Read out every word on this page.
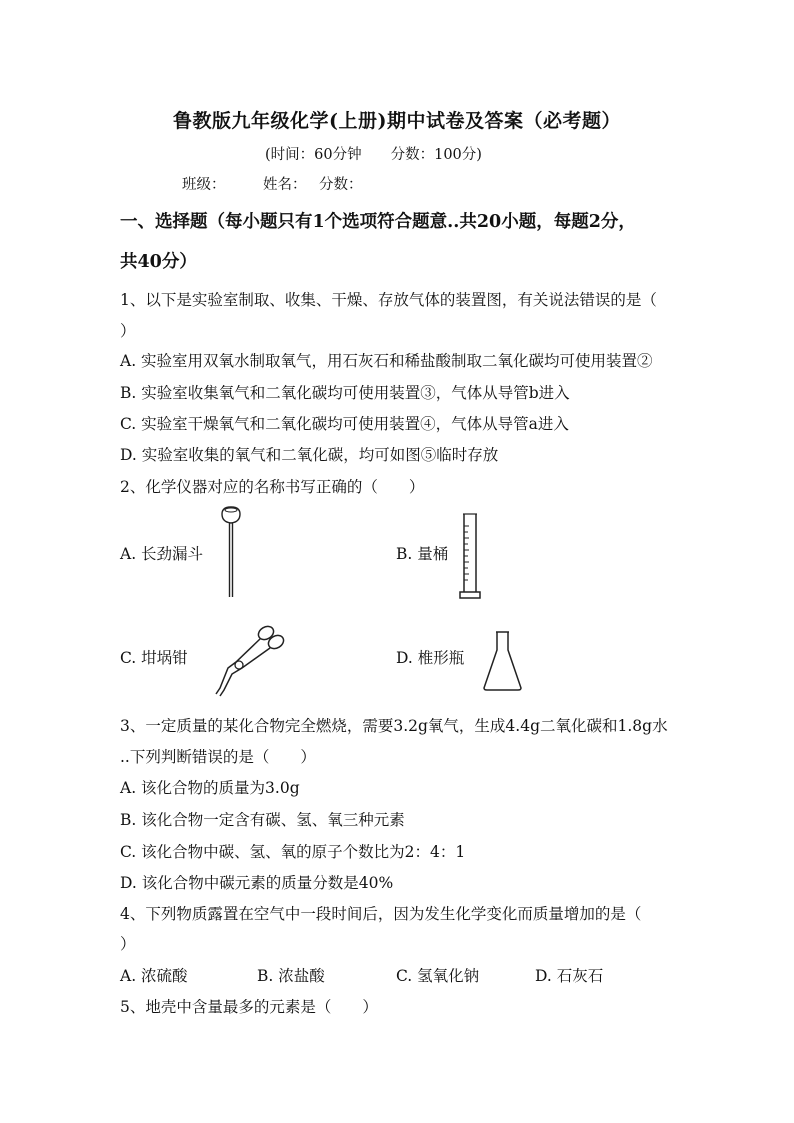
鲁教版九年级化学(上册)期中试卷及答案（必考题）
(时间：60分钟　　分数：100分)
班级：	姓名： 分数：
一、选择题（每小题只有1个选项符合题意..共20小题，每题2分，
共40分）
1、以下是实验室制取、收集、干燥、存放气体的装置图，有关说法错误的是（
）
A. 实验室用双氧水制取氧气，用石灰石和稀盐酸制取二氧化碳均可使用装置②
B. 实验室收集氧气和二氧化碳均可使用装置③，气体从导管b进入
C. 实验室干燥氧气和二氧化碳均可使用装置④，气体从导管a进入
D. 实验室收集的氧气和二氧化碳，均可如图⑤临时存放
2、化学仪器对应的名称书写正确的（　　）
A. 长劲漏斗	B. 量桶
C. 坩埚钳	D. 椎形瓶
3、一定质量的某化合物完全燃烧，需要3.2g氧气，生成4.4g二氧化碳和1.8g水
..下列判断错误的是（　　）
A. 该化合物的质量为3.0g
B. 该化合物一定含有碳、氢、氧三种元素
C. 该化合物中碳、氢、氧的原子个数比为2：4：1
D. 该化合物中碳元素的质量分数是40%
4、下列物质露置在空气中一段时间后，因为发生化学变化而质量增加的是（
）
A. 浓硫酸	B. 浓盐酸	C. 氢氧化钠	D. 石灰石
5、地壳中含量最多的元素是（　　）
